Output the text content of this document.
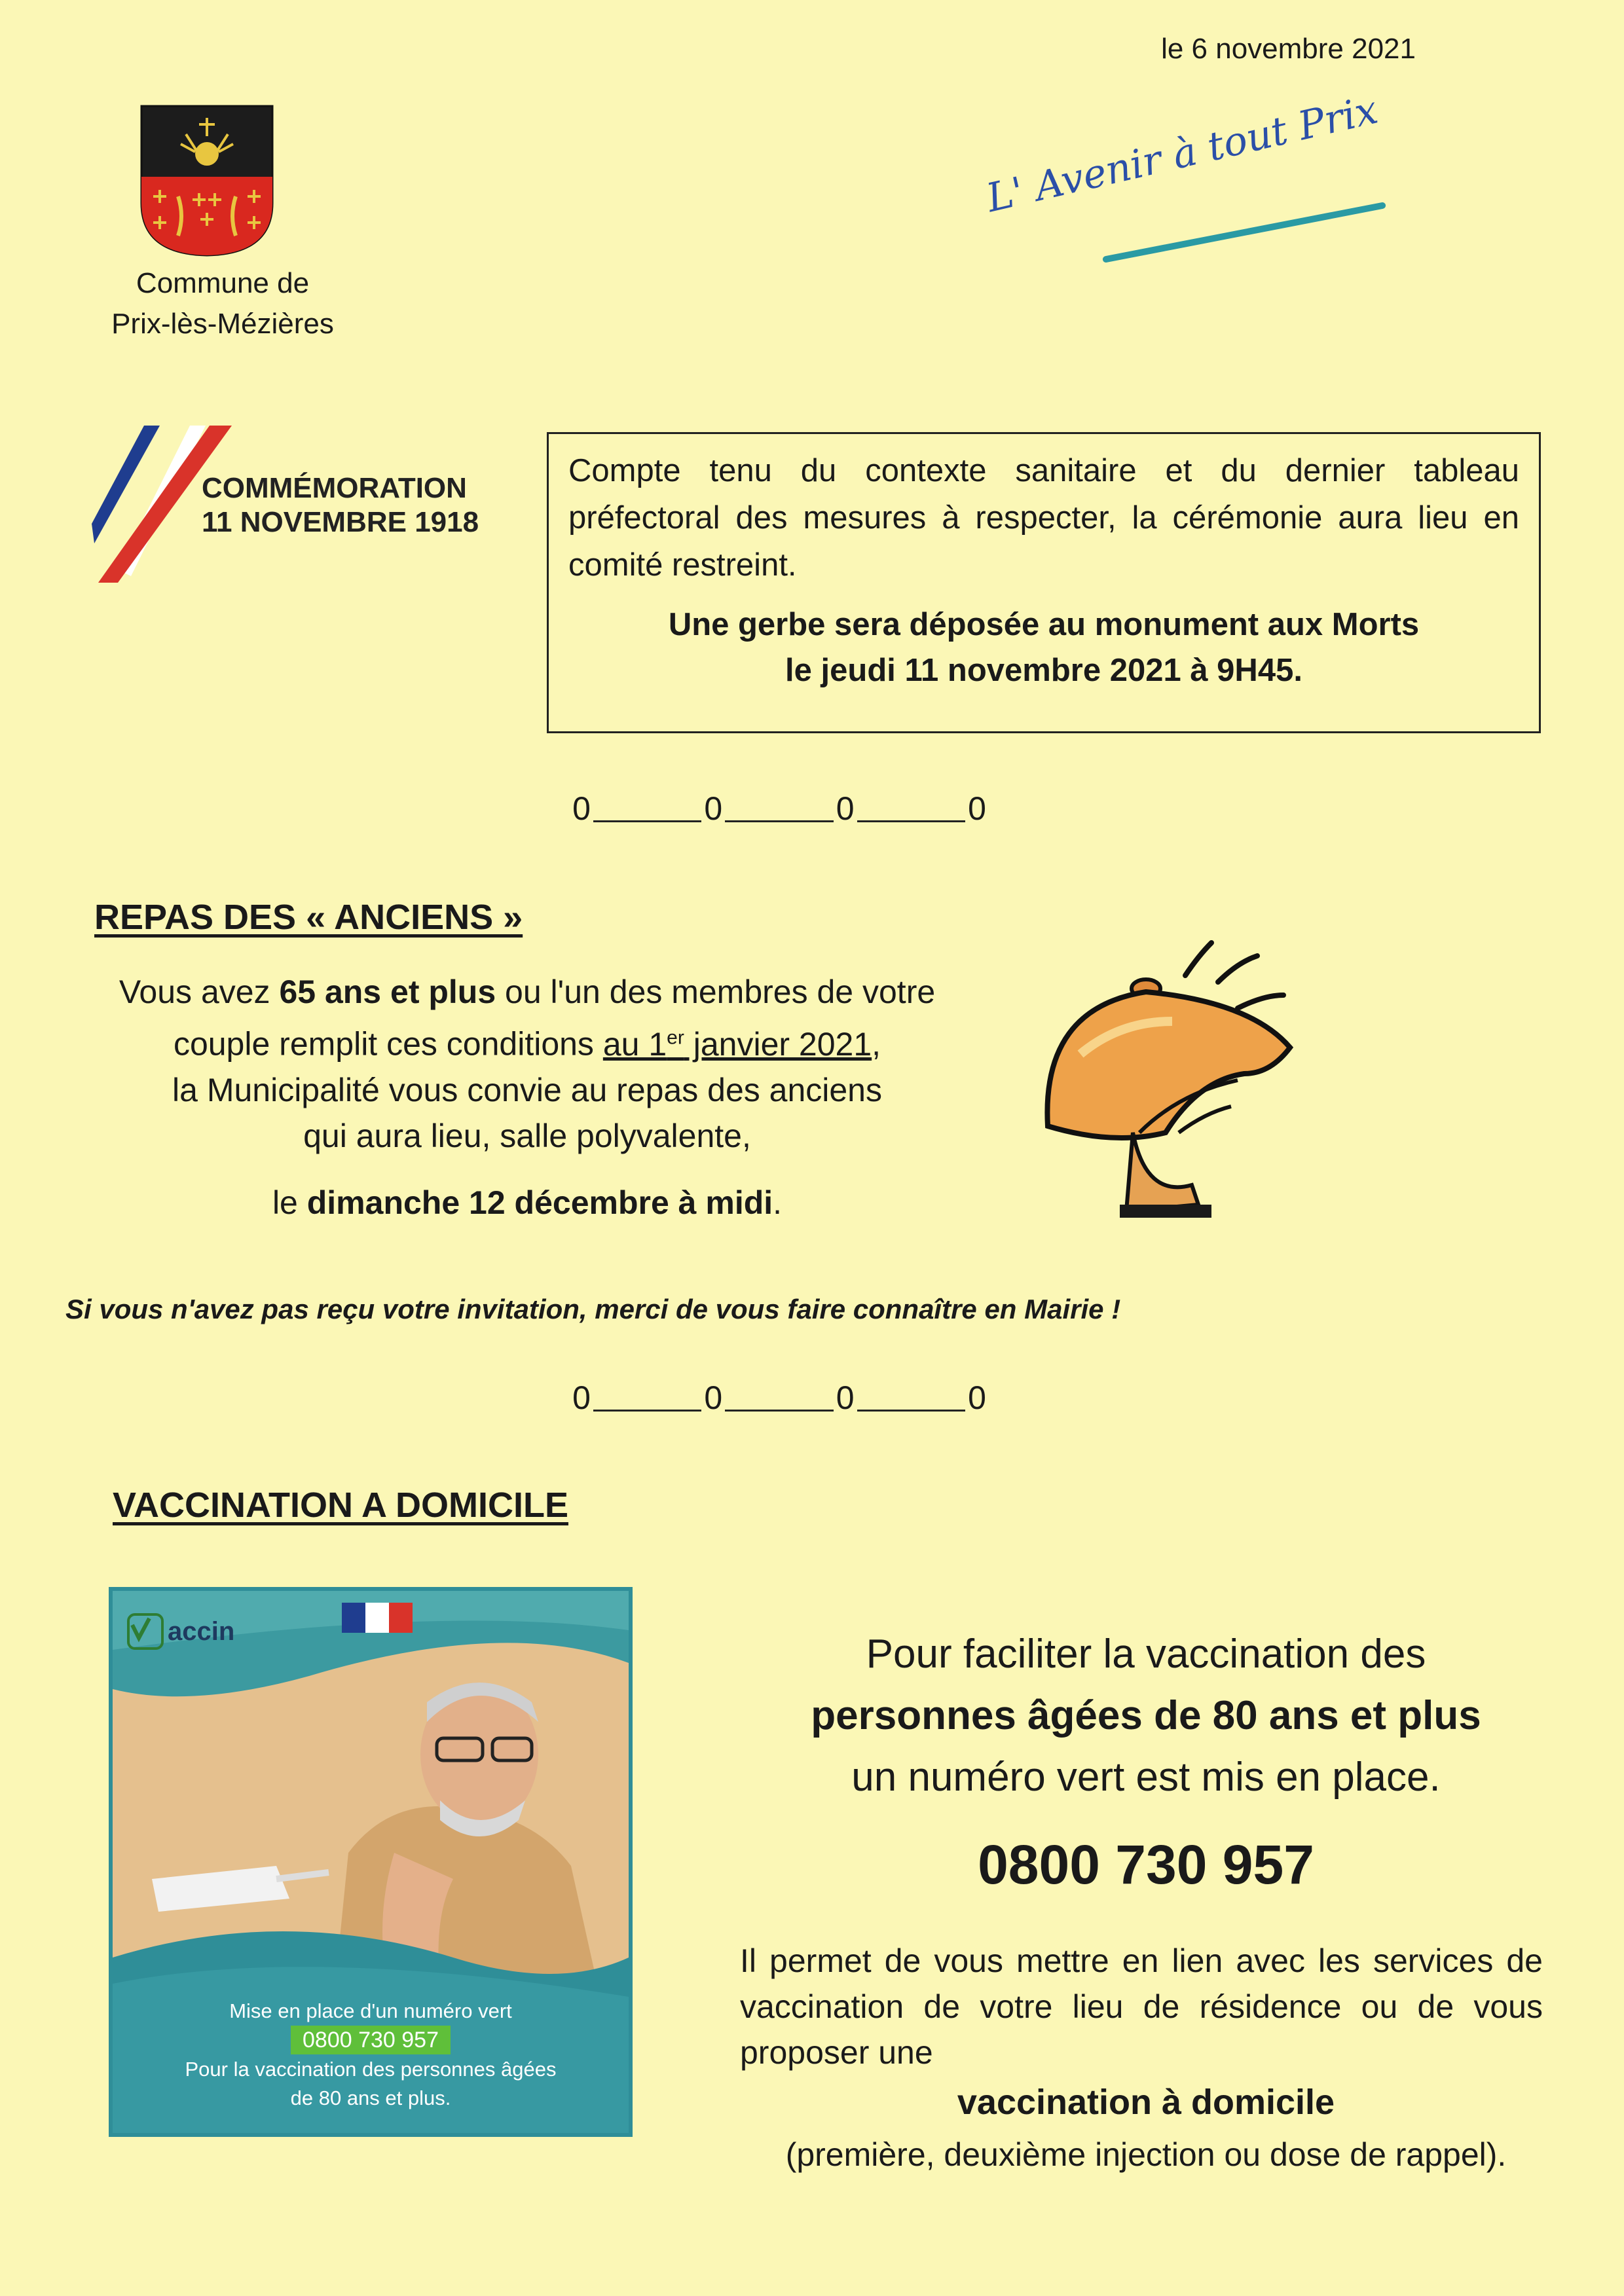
le 6 novembre 2021
Commune de
Prix-lès-Mézières
L' Avenir à tout Prix
COMMÉMORATION
11 NOVEMBRE 1918
Compte tenu du contexte sanitaire et du dernier tableau préfectoral des mesures à respecter, la cérémonie aura lieu en comité restreint.
Une gerbe sera déposée au monument aux Morts
le jeudi 11 novembre 2021 à 9H45.
0	0	0	0
REPAS DES « ANCIENS »
Vous avez 65 ans et plus ou l'un des membres de votre
couple remplit ces conditions au 1er janvier 2021,
la Municipalité vous convie au repas des anciens
qui aura lieu, salle polyvalente,
le dimanche 12 décembre à midi.
Si vous n'avez pas reçu votre invitation, merci de vous faire connaître en Mairie !
0	0	0	0
VACCINATION A DOMICILE
accin
Mise en place d'un numéro vert
0800 730 957
Pour la vaccination des personnes âgées
de 80 ans et plus.
Pour faciliter la vaccination des
personnes âgées de 80 ans et plus
un numéro vert est mis en place.
0800 730 957
Il permet de vous mettre en lien avec les services de vaccination de votre lieu de résidence ou de vous proposer une
vaccination à domicile
(première, deuxième injection ou dose de rappel).
